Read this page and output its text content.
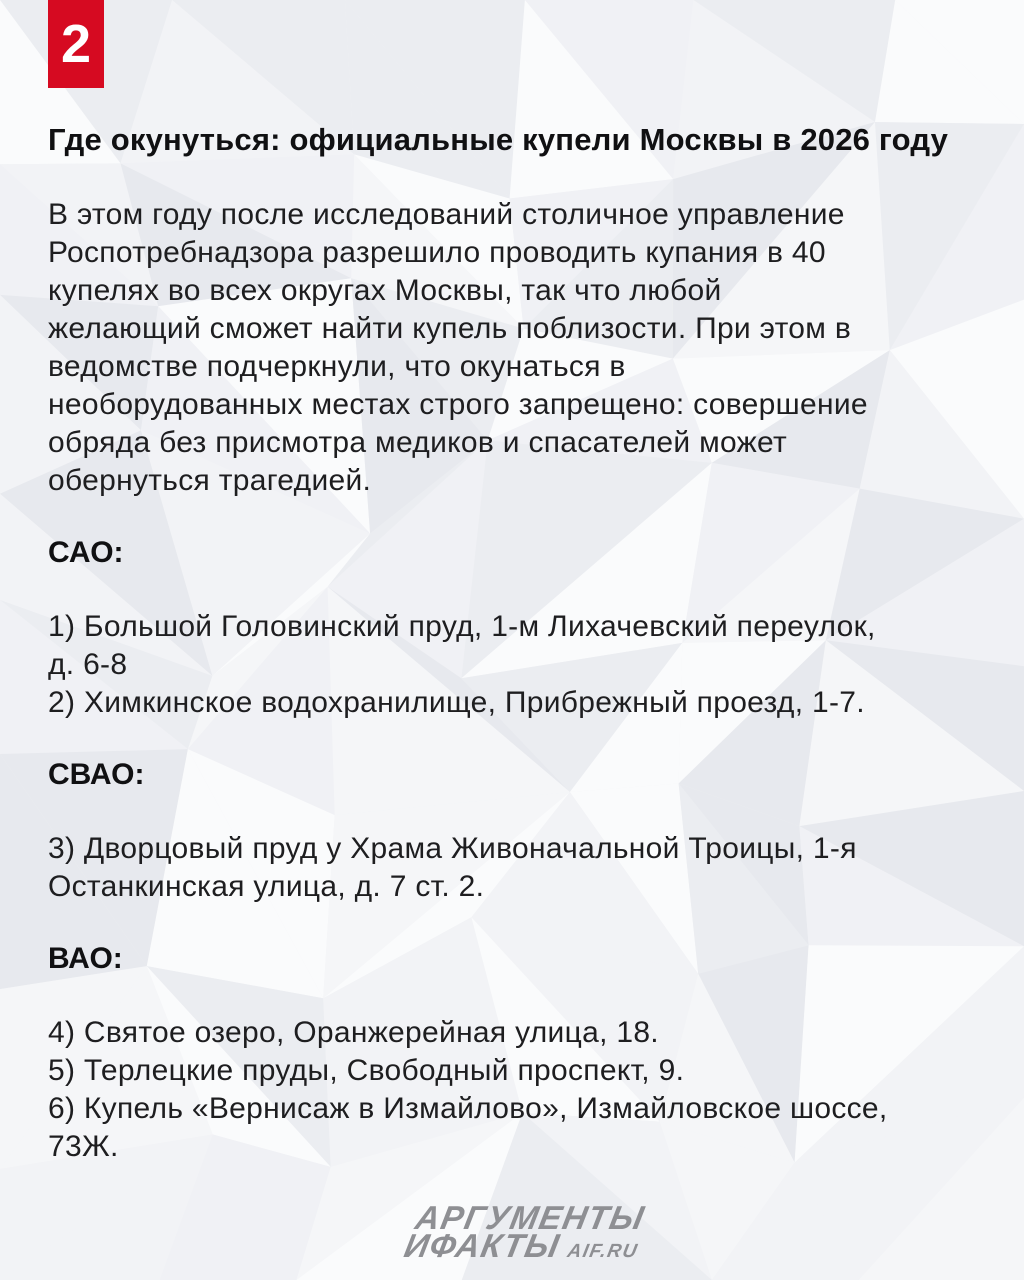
2
Где окунуться: официальные купели Москвы в 2026 году
В этом году после исследований столичное управление
Роспотребнадзора разрешило проводить купания в 40
купелях во всех округах Москвы, так что любой
желающий сможет найти купель поблизости. При этом в
ведомстве подчеркнули, что окунаться в
необорудованных местах строго запрещено: совершение
обряда без присмотра медиков и спасателей может
обернуться трагедией.
САО:
1) Большой Головинский пруд, 1-м Лихачевский переулок,
д. 6-8
2) Химкинское водохранилище, Прибрежный проезд, 1-7.
СВАО:
3) Дворцовый пруд у Храма Живоначальной Троицы, 1-я
Останкинская улица, д. 7 ст. 2.
ВАО:
4) Святое озеро, Оранжерейная улица, 18.
5) Терлецкие пруды, Свободный проспект, 9.
6) Купель «Вернисаж в Измайлово», Измайловское шоссе,
73Ж.
АРГУМЕНТЫ
ИФАКТЫ AIF.RU
